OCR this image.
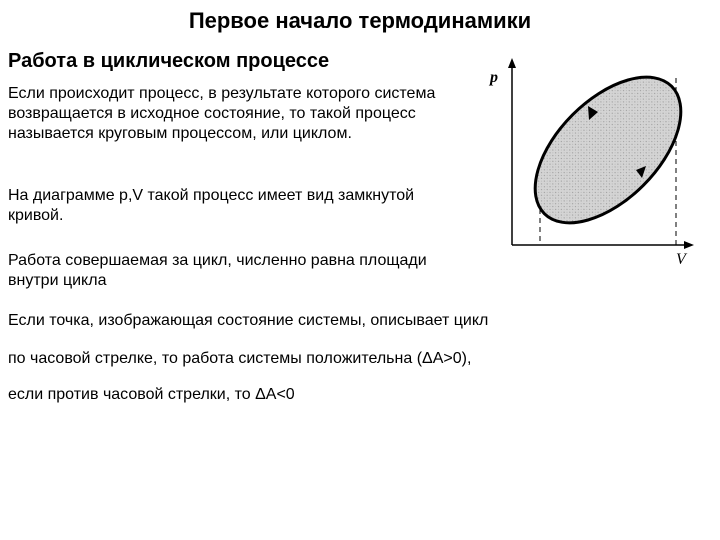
Первое начало термодинамики
Работа в циклическом процессе
Если происходит процесс, в результате которого система возвращается в исходное состояние, то такой процесс называется круговым процессом, или циклом.
На диаграмме p,V такой процесс имеет вид замкнутой кривой.
Работа совершаемая за цикл, численно равна площади внутри цикла
Если точка, изображающая состояние системы, описывает цикл
по часовой стрелке, то работа системы положительна (ΔA>0),
если против часовой стрелки, то ΔA<0
p
V
